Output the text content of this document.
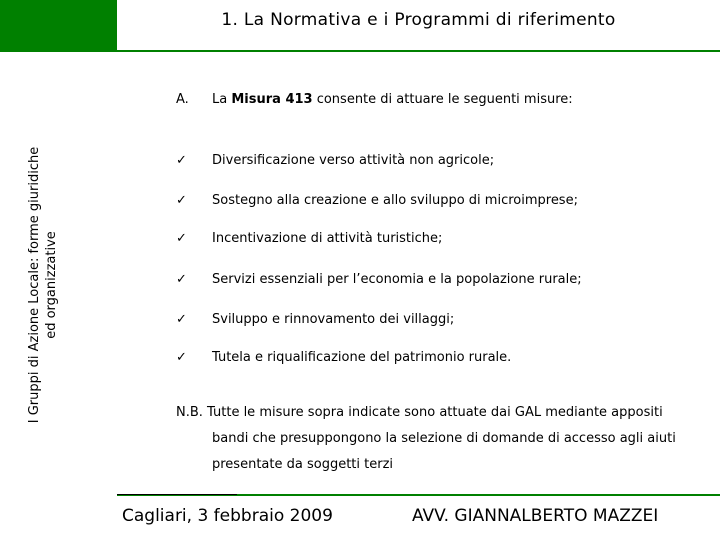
1. La Normativa e i Programmi di riferimento
I Gruppi di Azione Locale: forme giuridiche ed organizzative
A. La Misura 413 consente di attuare le seguenti misure:
✓	Diversificazione verso attività non agricole;
✓	Sostegno alla creazione e allo sviluppo di microimprese;
✓	Incentivazione di attività turistiche;
✓	Servizi essenziali per l’economia e la popolazione rurale;
✓	Sviluppo e rinnovamento dei villaggi;
✓	Tutela e riqualificazione del patrimonio rurale.
N.B. Tutte le misure sopra indicate sono attuate dai GAL mediante appositi
bandi che presuppongono la selezione di domande di accesso agli aiuti
presentate da soggetti terzi
Cagliari, 3 febbraio 2009	AVV. GIANNALBERTO MAZZEI
